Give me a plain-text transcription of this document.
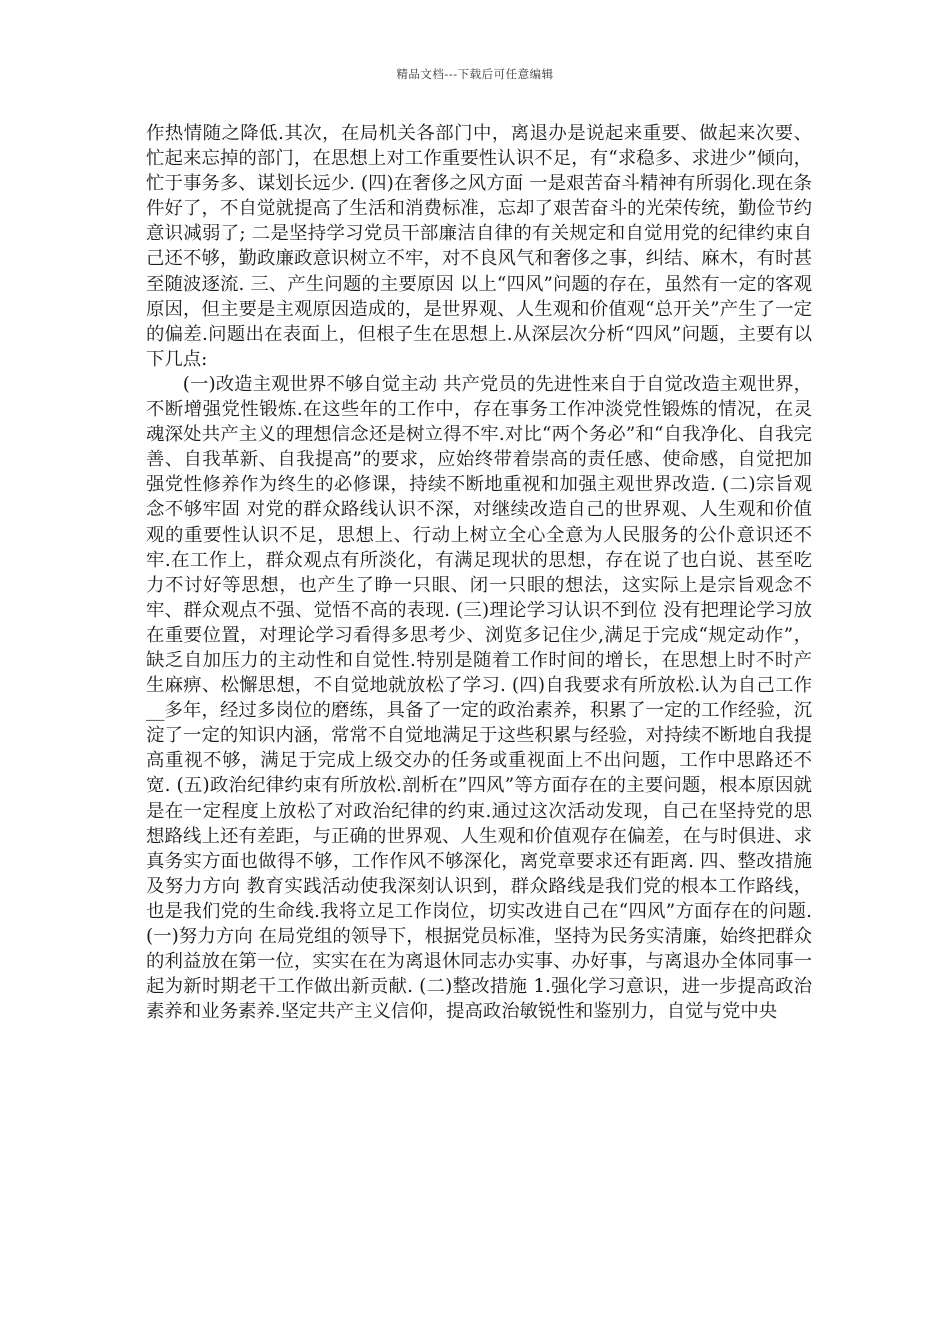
精品文档---下载后可任意编辑

作热情随之降低.其次，在局机关各部门中，离退办是说起来重要、做起来次要、忙起来忘掉的部门，在思想上对工作重要性认识不足，有“求稳多、求进少”倾向，忙于事务多、谋划长远少. (四)在奢侈之风方面 一是艰苦奋斗精神有所弱化.现在条件好了，不自觉就提高了生活和消费标准，忘却了艰苦奋斗的光荣传统，勤俭节约意识减弱了; 二是坚持学习党员干部廉洁自律的有关规定和自觉用党的纪律约束自己还不够，勤政廉政意识树立不牢，对不良风气和奢侈之事，纠结、麻木，有时甚至随波逐流. 三、产生问题的主要原因 以上“四风”问题的存在，虽然有一定的客观原因，但主要是主观原因造成的，是世界观、人生观和价值观“总开关”产生了一定的偏差.问题出在表面上，但根子生在思想上.从深层次分析“四风”问题，主要有以下几点:

(一)改造主观世界不够自觉主动 共产党员的先进性来自于自觉改造主观世界，不断增强党性锻炼.在这些年的工作中，存在事务工作冲淡党性锻炼的情况，在灵魂深处共产主义的理想信念还是树立得不牢.对比“两个务必”和“自我净化、自我完善、自我革新、自我提高”的要求，应始终带着崇高的责任感、使命感，自觉把加强党性修养作为终生的必修课，持续不断地重视和加强主观世界改造. (二)宗旨观念不够牢固 对党的群众路线认识不深，对继续改造自己的世界观、人生观和价值观的重要性认识不足，思想上、行动上树立全心全意为人民服务的公仆意识还不牢.在工作上，群众观点有所淡化，有满足现状的思想，存在说了也白说、甚至吃力不讨好等思想，也产生了睁一只眼、闭一只眼的想法，这实际上是宗旨观念不牢、群众观点不强、觉悟不高的表现. (三)理论学习认识不到位 没有把理论学习放在重要位置，对理论学习看得多思考少、浏览多记住少,满足于完成“规定动作”，缺乏自加压力的主动性和自觉性.特别是随着工作时间的增长，在思想上时不时产生麻痹、松懈思想，不自觉地就放松了学习. (四)自我要求有所放松.认为自己工作__多年，经过多岗位的磨练，具备了一定的政治素养，积累了一定的工作经验，沉淀了一定的知识内涵，常常不自觉地满足于这些积累与经验，对持续不断地自我提高重视不够，满足于完成上级交办的任务或重视面上不出问题，工作中思路还不宽. (五)政治纪律约束有所放松.剖析在”四风”等方面存在的主要问题，根本原因就是在一定程度上放松了对政治纪律的约束.通过这次活动发现，自己在坚持党的思想路线上还有差距，与正确的世界观、人生观和价值观存在偏差，在与时俱进、求真务实方面也做得不够，工作作风不够深化，离党章要求还有距离. 四、整改措施及努力方向 教育实践活动使我深刻认识到，群众路线是我们党的根本工作路线，也是我们党的生命线.我将立足工作岗位，切实改进自己在“四风”方面存在的问题. (一)努力方向 在局党组的领导下，根据党员标准，坚持为民务实清廉，始终把群众的利益放在第一位，实实在在为离退休同志办实事、办好事，与离退办全体同事一起为新时期老干工作做出新贡献. (二)整改措施 1.强化学习意识，进一步提高政治素养和业务素养.坚定共产主义信仰，提高政治敏锐性和鉴别力，自觉与党中央
